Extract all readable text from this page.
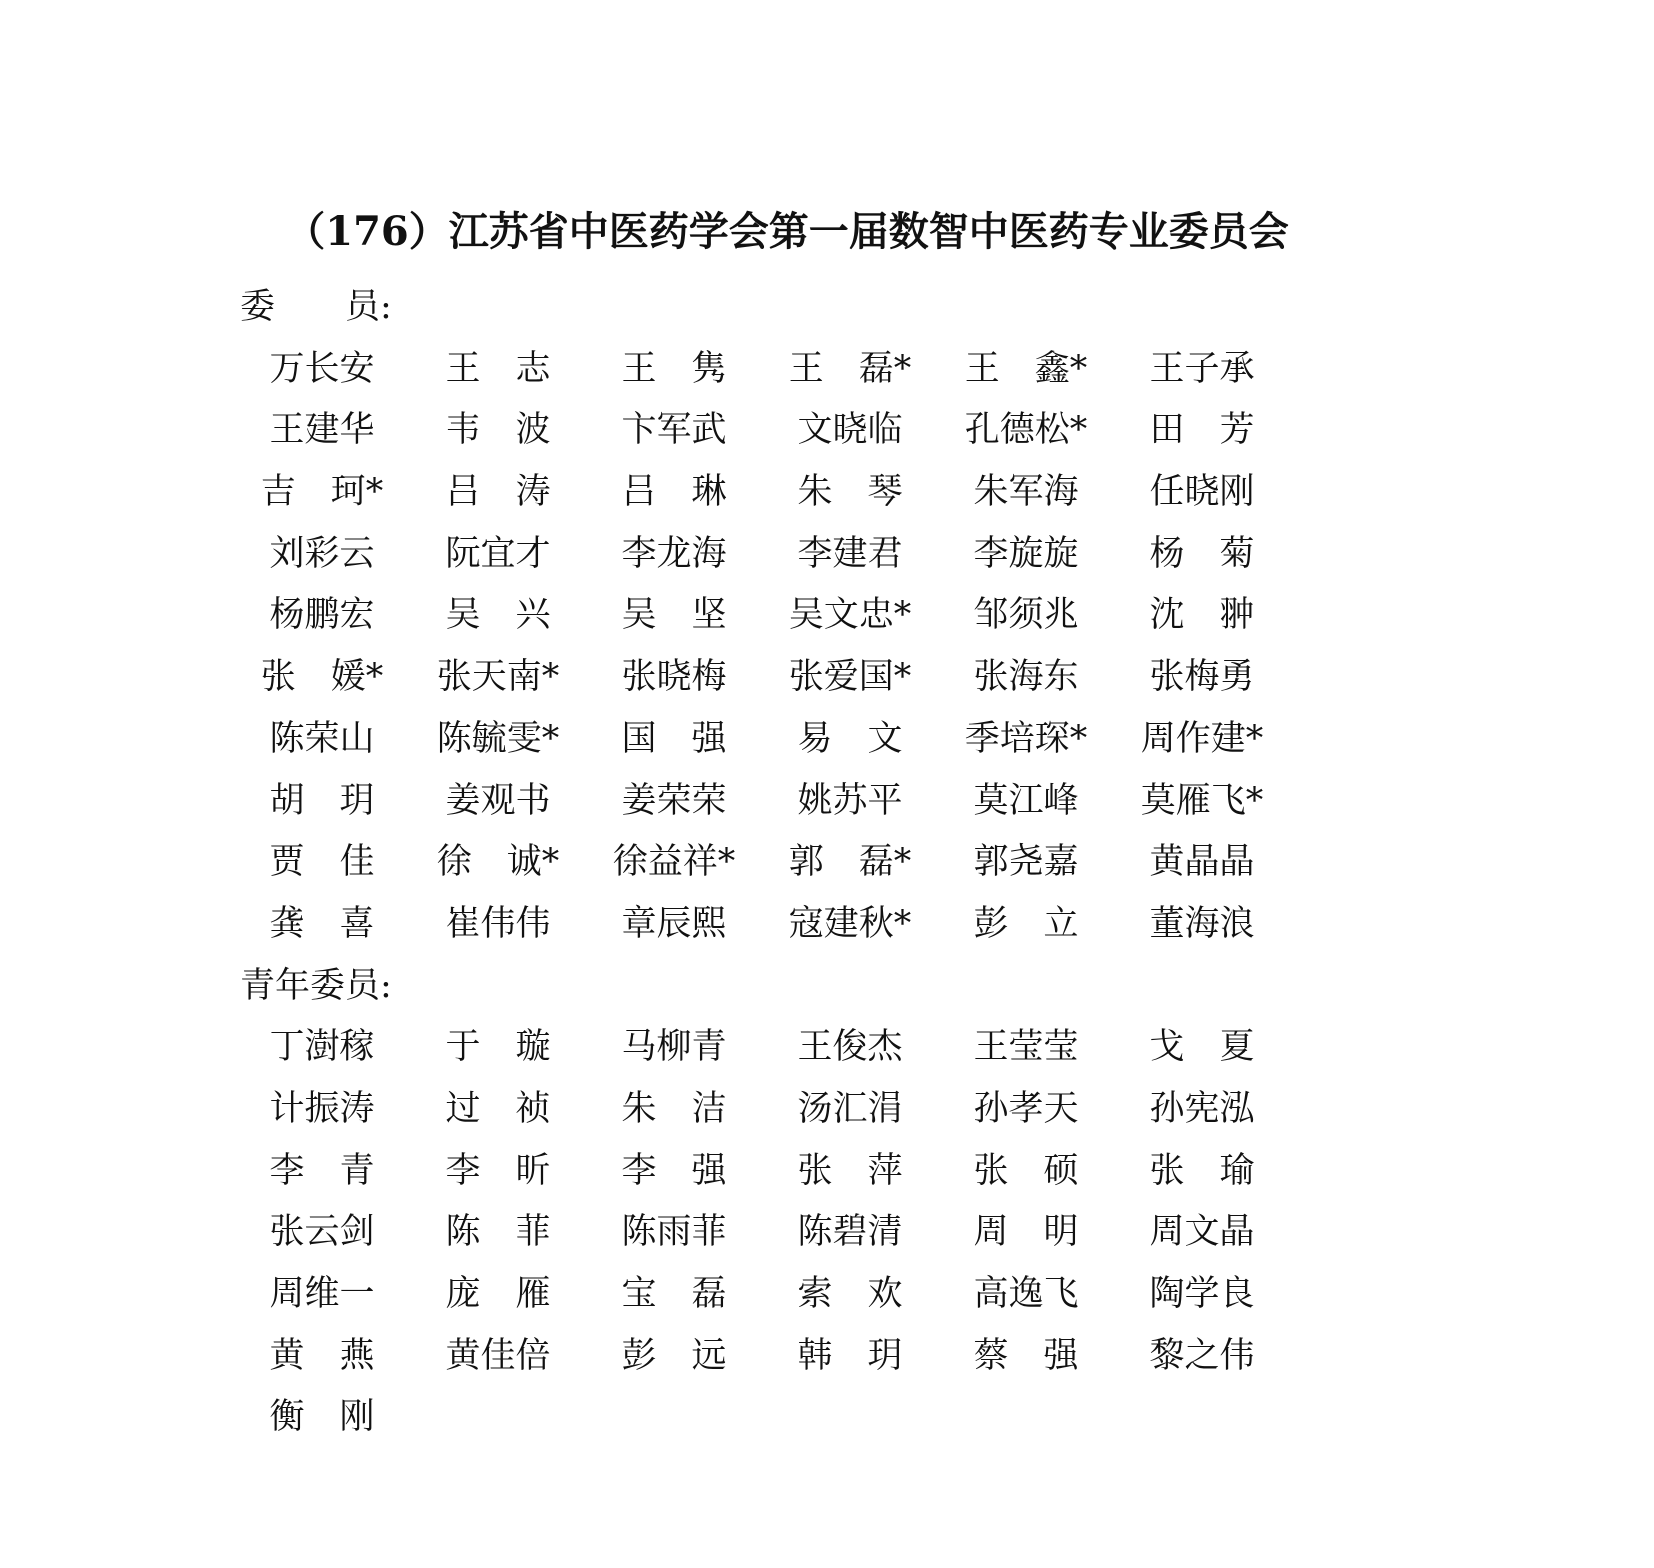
（176）江苏省中医药学会第一届数智中医药专业委员会
委　　员:
万长安	王　志	王　隽	王　磊*	王　鑫*	王子承
王建华	韦　波	卞军武	文晓临	孔德松*	田　芳
吉　珂*	吕　涛	吕　琳	朱　琴	朱军海	任晓刚
刘彩云	阮宜才	李龙海	李建君	李旋旋	杨　菊
杨鹏宏	吴　兴	吴　坚	吴文忠*	邹须兆	沈　翀
张　媛*	张天南*	张晓梅	张爱国*	张海东	张梅勇
陈荣山	陈毓雯*	国　强	易　文	季培琛*	周作建*
胡　玥	姜观书	姜荣荣	姚苏平	莫江峰	莫雁飞*
贾　佳	徐　诚*	徐益祥*	郭　磊*	郭尧嘉	黄晶晶
龚　喜	崔伟伟	章辰熙	寇建秋*	彭　立	董海浪
青年委员:
丁澍稼	于　璇	马柳青	王俊杰	王莹莹	戈　夏
计振涛	过　祯	朱　洁	汤汇涓	孙孝天	孙宪泓
李　青	李　昕	李　强	张　萍	张　硕	张　瑜
张云剑	陈　菲	陈雨菲	陈碧清	周　明	周文晶
周维一	庞　雁	宝　磊	索　欢	高逸飞	陶学良
黄　燕	黄佳倍	彭　远	韩　玥	蔡　强	黎之伟
衡　刚
